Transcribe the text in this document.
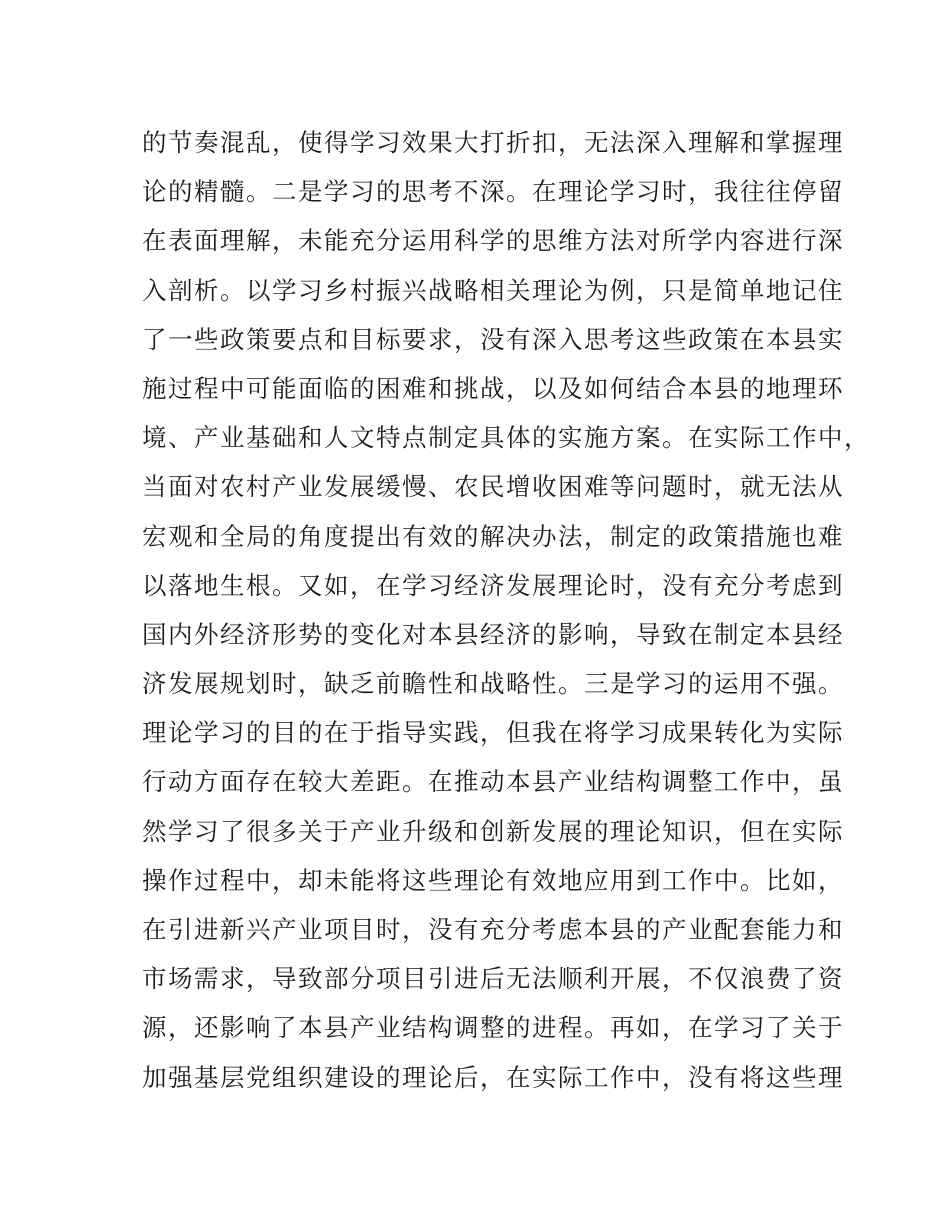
的节奏混乱，使得学习效果大打折扣，无法深入理解和掌握理
论的精髓。二是学习的思考不深。在理论学习时，我往往停留
在表面理解，未能充分运用科学的思维方法对所学内容进行深
入剖析。以学习乡村振兴战略相关理论为例，只是简单地记住
了一些政策要点和目标要求，没有深入思考这些政策在本县实
施过程中可能面临的困难和挑战，以及如何结合本县的地理环
境、产业基础和人文特点制定具体的实施方案。在实际工作中，
当面对农村产业发展缓慢、农民增收困难等问题时，就无法从
宏观和全局的角度提出有效的解决办法，制定的政策措施也难
以落地生根。又如，在学习经济发展理论时，没有充分考虑到
国内外经济形势的变化对本县经济的影响，导致在制定本县经
济发展规划时，缺乏前瞻性和战略性。三是学习的运用不强。
理论学习的目的在于指导实践，但我在将学习成果转化为实际
行动方面存在较大差距。在推动本县产业结构调整工作中，虽
然学习了很多关于产业升级和创新发展的理论知识，但在实际
操作过程中，却未能将这些理论有效地应用到工作中。比如，
在引进新兴产业项目时，没有充分考虑本县的产业配套能力和
市场需求，导致部分项目引进后无法顺利开展，不仅浪费了资
源，还影响了本县产业结构调整的进程。再如，在学习了关于
加强基层党组织建设的理论后，在实际工作中，没有将这些理
